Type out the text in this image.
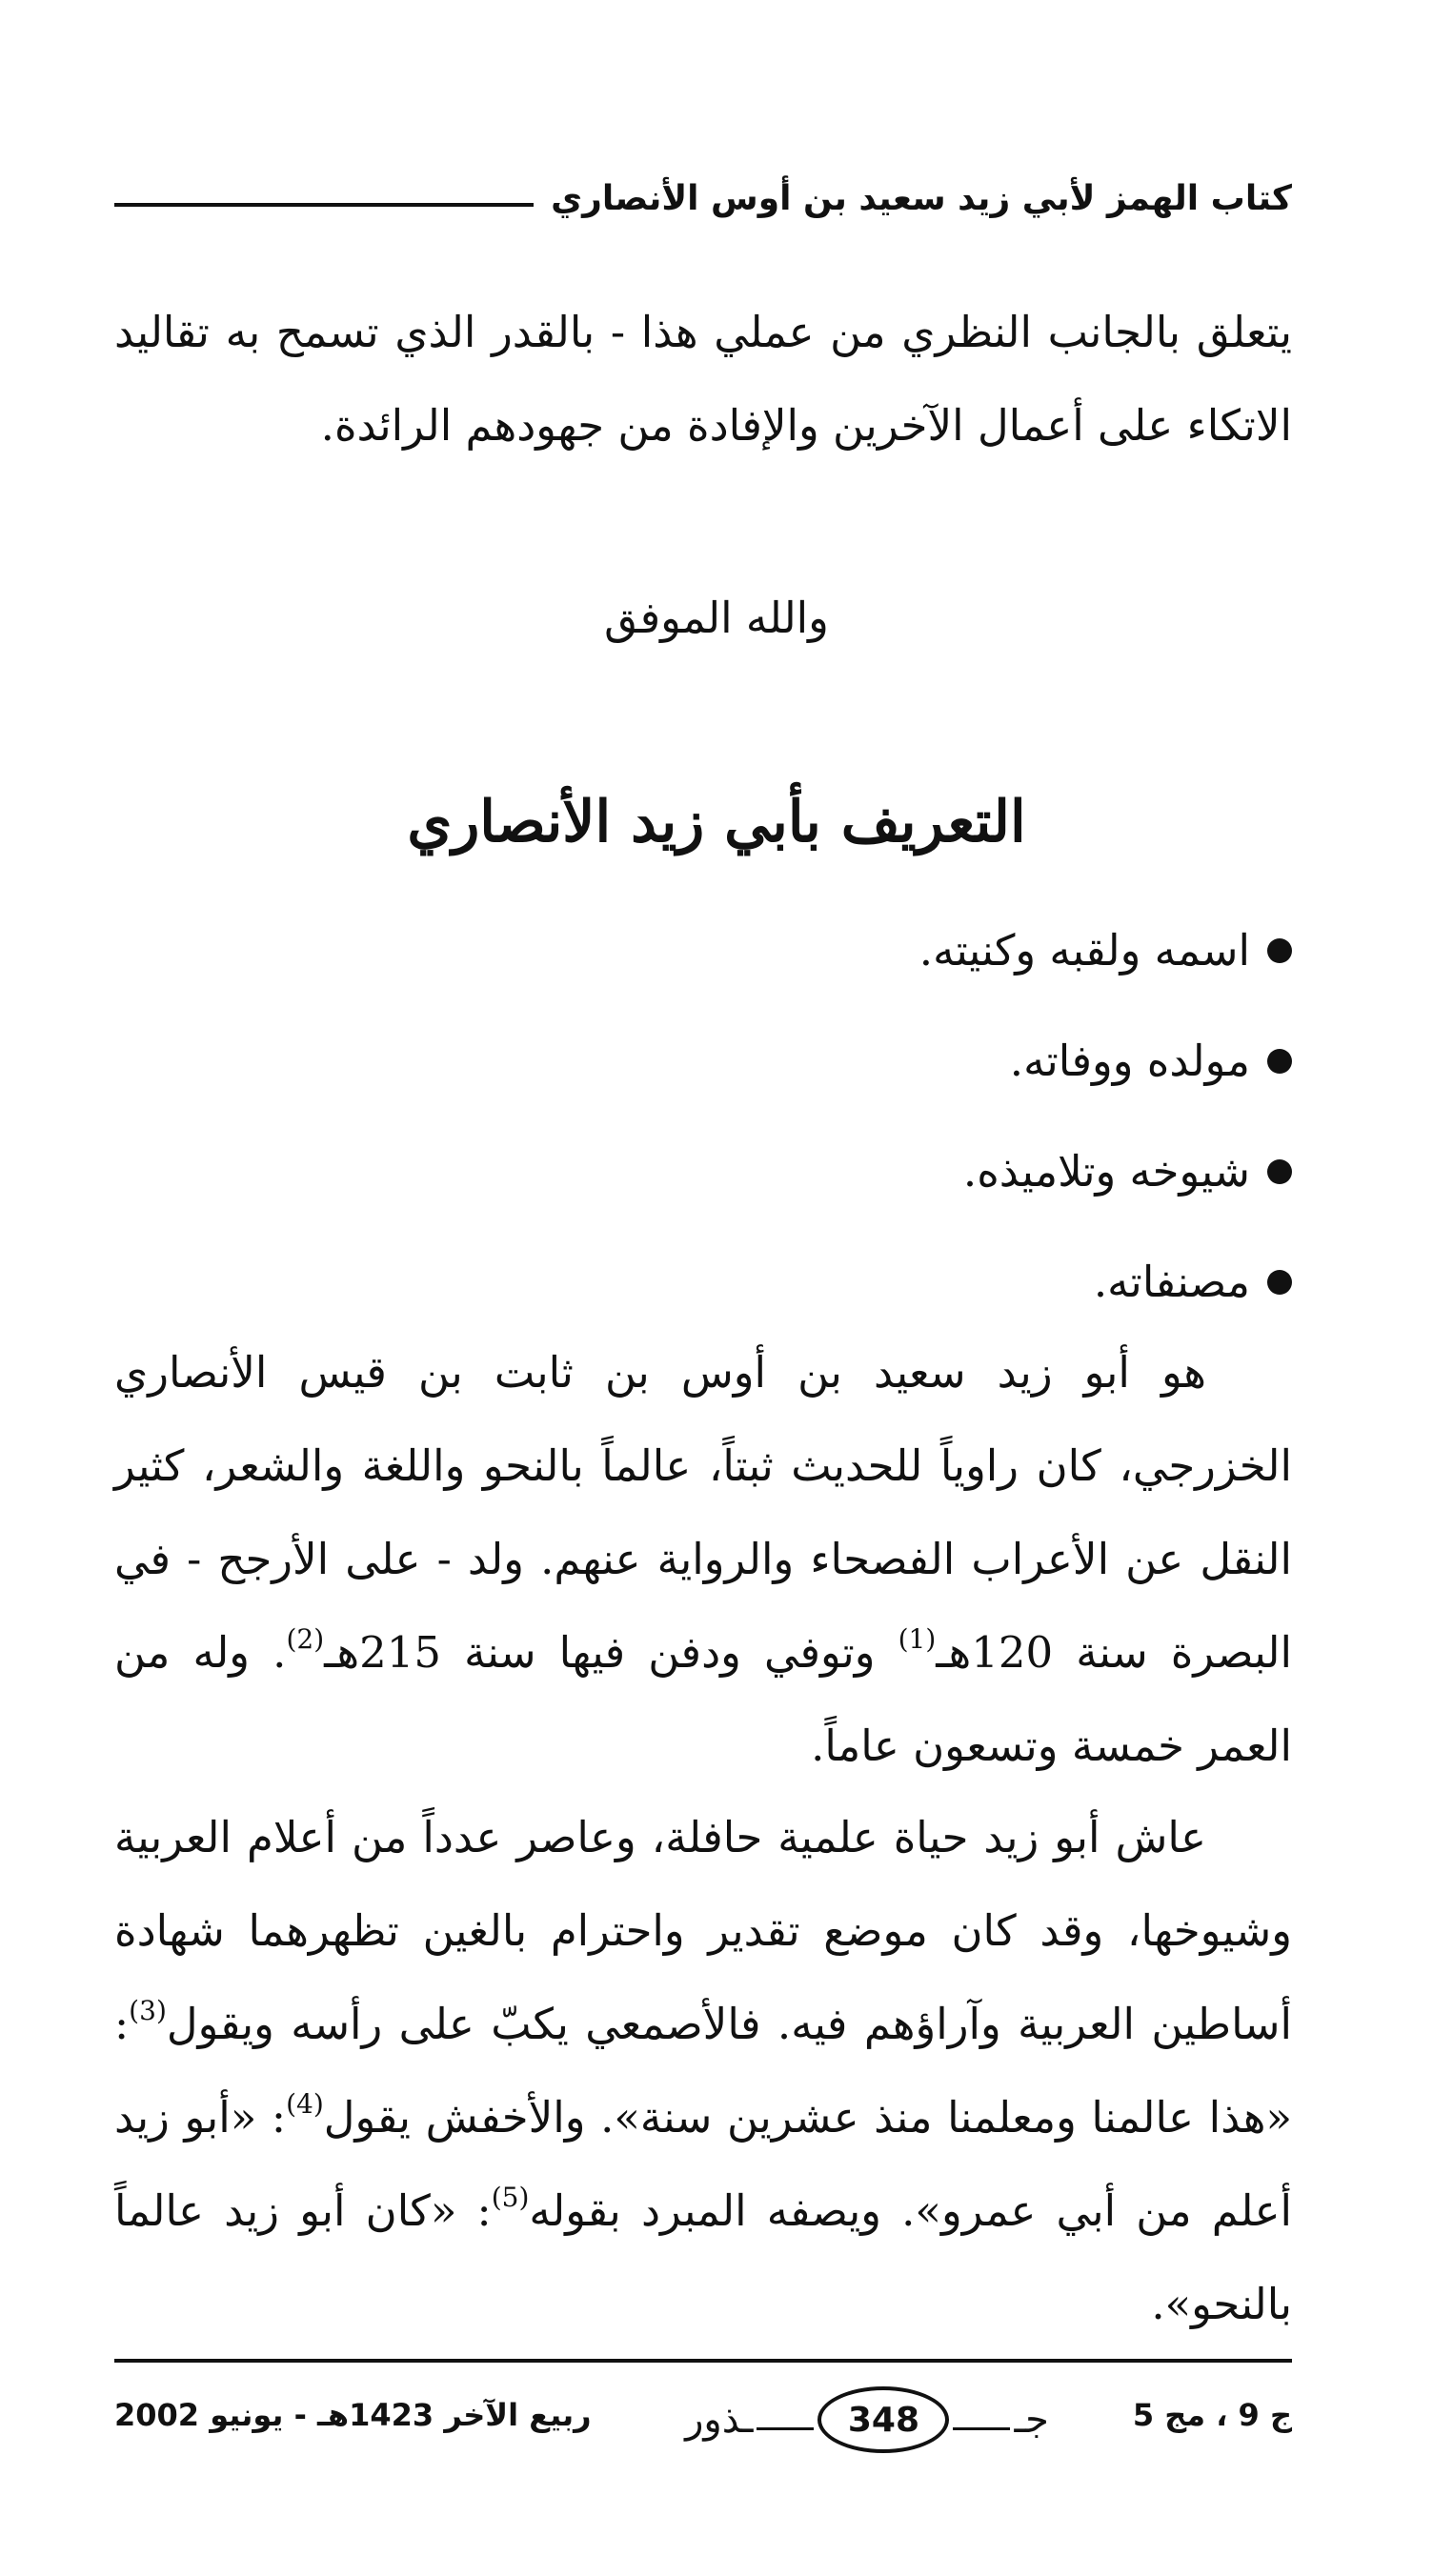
كتاب الهمز لأبي زيد سعيد بن أوس الأنصاري

يتعلق بالجانب النظري من عملي هذا - بالقدر الذي تسمح به تقاليد الاتكاء على أعمال الآخرين والإفادة من جهودهم الرائدة.

والله الموفق
التعريف بأبي زيد الأنصاري
اسمه ولقبه وكنيته.
مولده ووفاته.
شيوخه وتلاميذه.
مصنفاته.

هو أبو زيد سعيد بن أوس بن ثابت بن قيس الأنصاري الخزرجي، كان راوياً للحديث ثبتاً، عالماً بالنحو واللغة والشعر، كثير النقل عن الأعراب الفصحاء والرواية عنهم. ولد - على الأرجح - في البصرة سنة 120هـ$^{(1)}$ وتوفي ودفن فيها سنة 215هـ$^{(2)}$. وله من العمر خمسة وتسعون عاماً.

عاش أبو زيد حياة علمية حافلة، وعاصر عدداً من أعلام العربية وشيوخها، وقد كان موضع تقدير واحترام بالغين تظهرهما شهادة أساطين العربية وآراؤهم فيه. فالأصمعي يكبّ على رأسه ويقول$^{(3)}$: «هذا عالمنا ومعلمنا منذ عشرين سنة». والأخفش يقول$^{(4)}$: «أبو زيد أعلم من أبي عمرو». ويصفه المبرد بقوله$^{(5)}$: «كان أبو زيد عالماً بالنحو».

ج 9 ، مج 5
جـ
348
ـذور
ربيع الآخر 1423هـ - يونيو 2002
